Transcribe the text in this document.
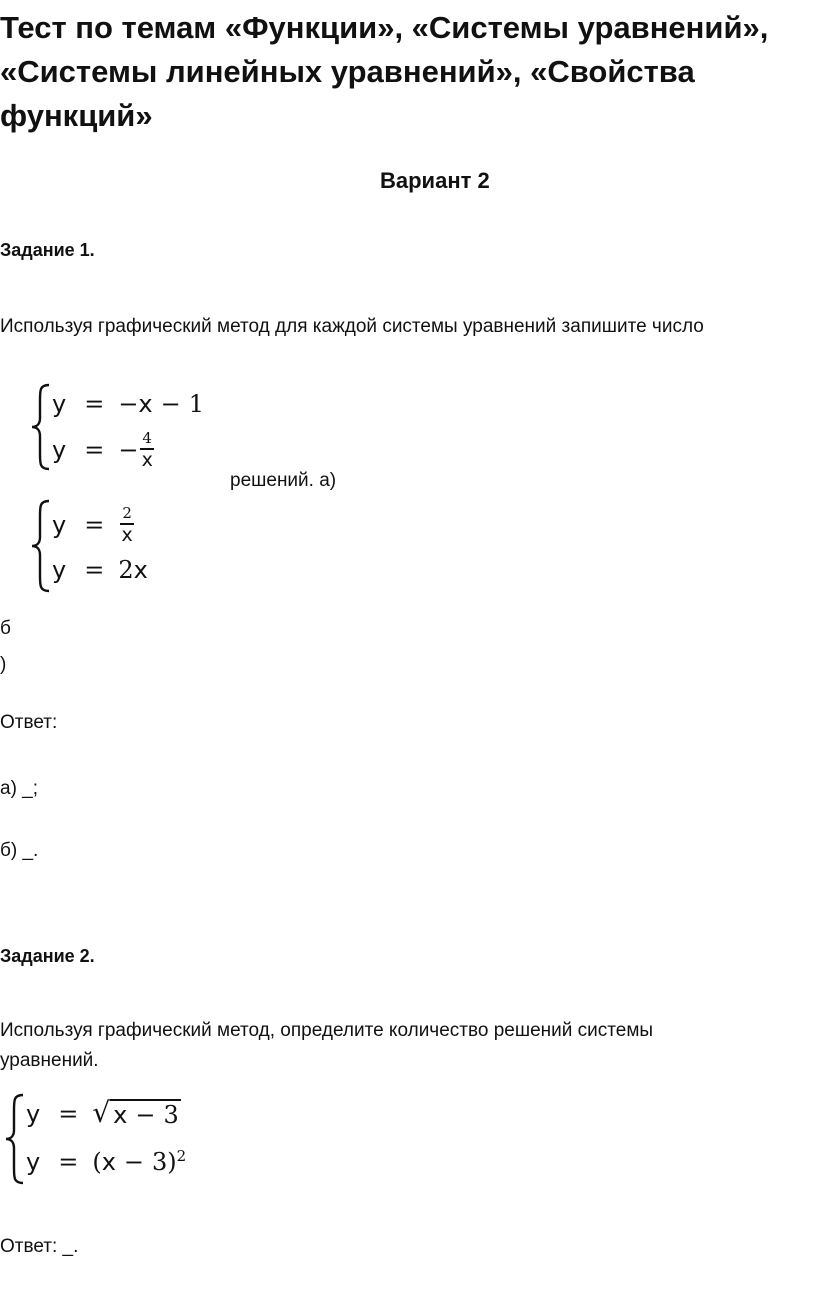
Тест по темам «Функции», «Системы уравнений», «Системы линейных уравнений», «Свойства функций»
Вариант 2
Задание 1.
Используя графический метод для каждой системы уравнений запишите число
y = − x − 1
y = − $\frac{4}{x}$
решений. а)
$y = \frac{2}{x}$
y = 2 x
б
)
Ответ:
а) _;
б) _.
Задание 2.
Используя графический метод, определите количество решений системы
уравнений.
y = √ x − 3
y = ( x − 3 )$^2$
Ответ: _.
